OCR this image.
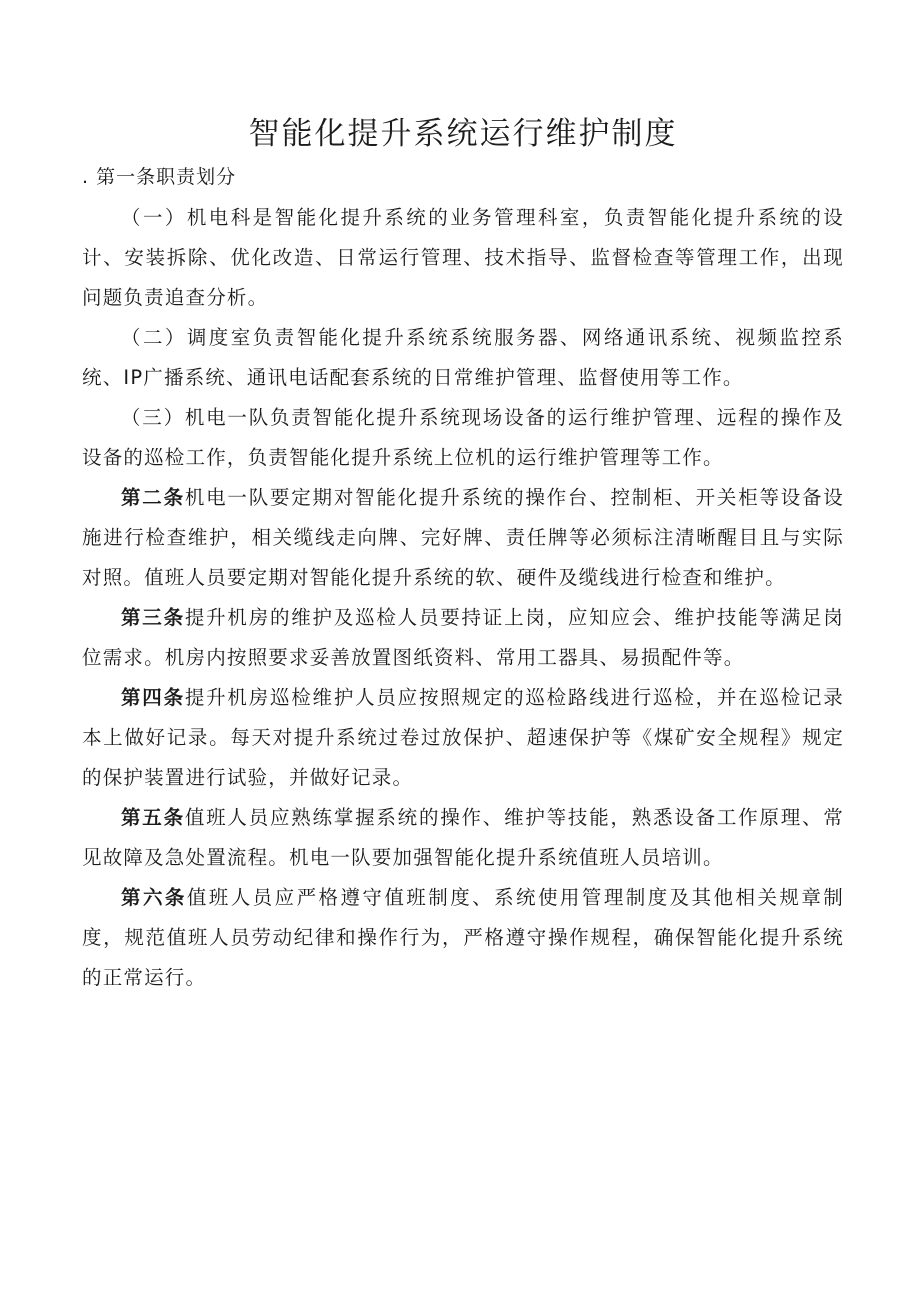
智能化提升系统运行维护制度
. 第一条职责划分

（一）机电科是智能化提升系统的业务管理科室，负责智能化提升系统的设计、安装拆除、优化改造、日常运行管理、技术指导、监督检查等管理工作，出现问题负责追查分析。

（二）调度室负责智能化提升系统系统服务器、网络通讯系统、视频监控系统、IP广播系统、通讯电话配套系统的日常维护管理、监督使用等工作。

（三）机电一队负责智能化提升系统现场设备的运行维护管理、远程的操作及设备的巡检工作，负责智能化提升系统上位机的运行维护管理等工作。

第二条机电一队要定期对智能化提升系统的操作台、控制柜、开关柜等设备设施进行检查维护，相关缆线走向牌、完好牌、责任牌等必须标注清晰醒目且与实际对照。值班人员要定期对智能化提升系统的软、硬件及缆线进行检查和维护。

第三条提升机房的维护及巡检人员要持证上岗，应知应会、维护技能等满足岗位需求。机房内按照要求妥善放置图纸资料、常用工器具、易损配件等。

第四条提升机房巡检维护人员应按照规定的巡检路线进行巡检，并在巡检记录本上做好记录。每天对提升系统过卷过放保护、超速保护等《煤矿安全规程》规定的保护装置进行试验，并做好记录。

第五条值班人员应熟练掌握系统的操作、维护等技能，熟悉设备工作原理、常见故障及急处置流程。机电一队要加强智能化提升系统值班人员培训。

第六条值班人员应严格遵守值班制度、系统使用管理制度及其他相关规章制度，规范值班人员劳动纪律和操作行为，严格遵守操作规程，确保智能化提升系统的正常运行。
